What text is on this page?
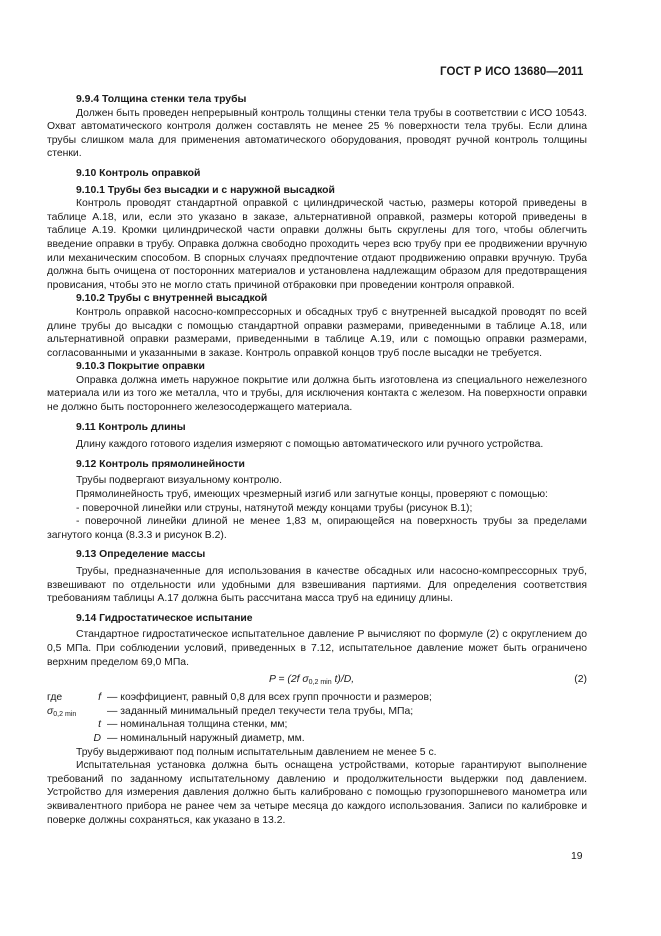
ГОСТ Р ИСО 13680—2011
9.9.4 Толщина стенки тела трубы

Должен быть проведен непрерывный контроль толщины стенки тела трубы в соответствии с ИСО 10543. Охват автоматического контроля должен составлять не менее 25 % поверхности тела трубы. Если длина трубы слишком мала для применения автоматического оборудования, проводят ручной контроль толщины стенки.

9.10 Контроль оправкой
9.10.1 Трубы без высадки и с наружной высадкой

Контроль проводят стандартной оправкой с цилиндрической частью, размеры которой приведены в таблице А.18, или, если это указано в заказе, альтернативной оправкой, размеры которой приведены в таблице А.19. Кромки цилиндрической части оправки должны быть скруглены для того, чтобы облегчить введение оправки в трубу. Оправка должна свободно проходить через всю трубу при ее продвижении вручную или механическим способом. В спорных случаях предпочтение отдают продвижению оправки вручную. Труба должна быть очищена от посторонних материалов и установлена надлежащим образом для предотвращения провисания, чтобы это не могло стать причиной отбраковки при проведении контроля оправкой.

9.10.2 Трубы с внутренней высадкой

Контроль оправкой насосно-компрессорных и обсадных труб с внутренней высадкой проводят по всей длине трубы до высадки с помощью стандартной оправки размерами, приведенными в таблице А.18, или альтернативной оправки размерами, приведенными в таблице А.19, или с помощью оправки размерами, согласованными и указанными в заказе. Контроль оправкой концов труб после высадки не требуется.

9.10.3 Покрытие оправки

Оправка должна иметь наружное покрытие или должна быть изготовлена из специального нежелезного материала или из того же металла, что и трубы, для исключения контакта с железом. На поверхности оправки не должно быть постороннего железосодержащего материала.

9.11 Контроль длины

Длину каждого готового изделия измеряют с помощью автоматического или ручного устройства.

9.12 Контроль прямолинейности

Трубы подвергают визуальному контролю.

Прямолинейность труб, имеющих чрезмерный изгиб или загнутые концы, проверяют с помощью:

- поверочной линейки или струны, натянутой между концами трубы (рисунок В.1);

- поверочной линейки длиной не менее 1,83 м, опирающейся на поверхность трубы за пределами загнутого конца (8.3.3 и рисунок В.2).

9.13 Определение массы

Трубы, предназначенные для использования в качестве обсадных или насосно-компрессорных труб, взвешивают по отдельности или удобными для взвешивания партиями. Для определения соответствия требованиям таблицы А.17 должна быть рассчитана масса труб на единицу длины.

9.14 Гидростатическое испытание

Стандартное гидростатическое испытательное давление P вычисляют по формуле (2) с округлением до 0,5 МПа. При соблюдении условий, приведенных в 7.12, испытательное давление может быть ограничено верхним пределом 69,0 МПа.

P = (2f $\sigma_{0,2 min}$ t)/D,	(2)
где	f — коэффициент, равный 0,8 для всех групп прочности и размеров;
$\sigma_{0,2 min}$	— заданный минимальный предел текучести тела трубы, МПа;
t — номинальная толщина стенки, мм;
D — номинальный наружный диаметр, мм.

Трубу выдерживают под полным испытательным давлением не менее 5 с.

Испытательная установка должна быть оснащена устройствами, которые гарантируют выполнение требований по заданному испытательному давлению и продолжительности выдержки под давлением. Устройство для измерения давления должно быть калибровано с помощью грузопоршневого манометра или эквивалентного прибора не ранее чем за четыре месяца до каждого использования. Записи по калибровке и поверке должны сохраняться, как указано в 13.2.

19
